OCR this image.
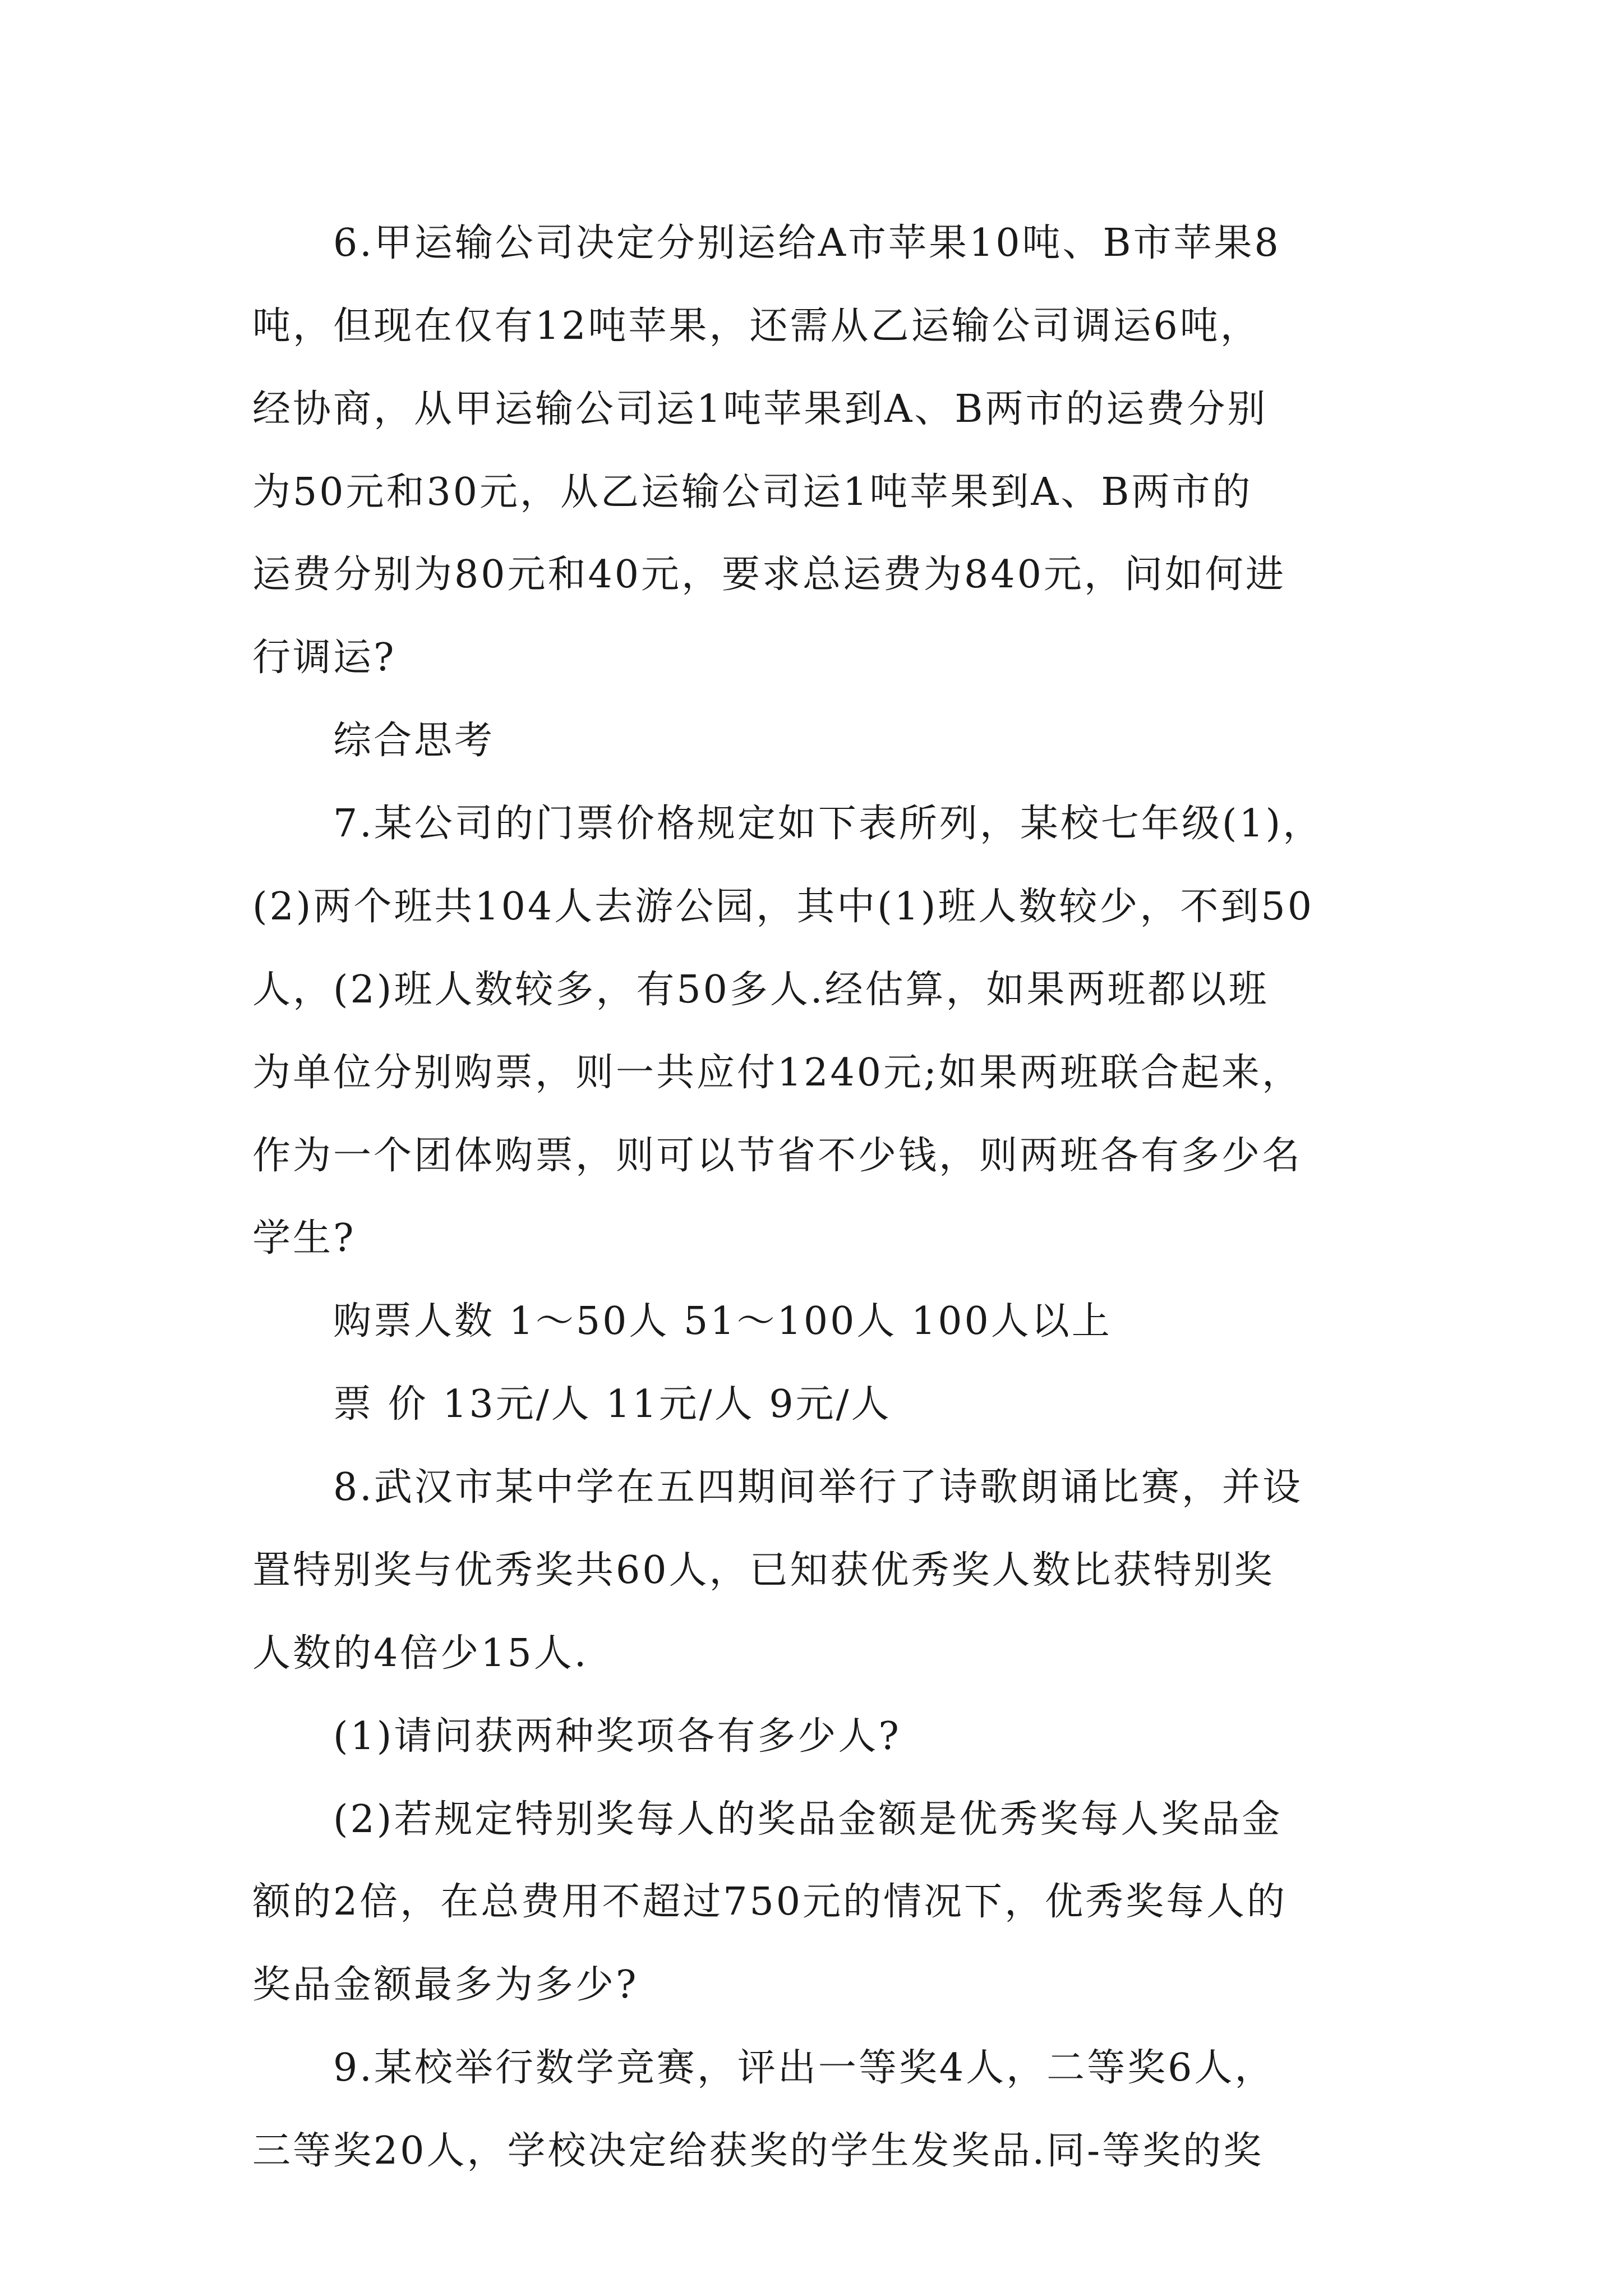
6.甲运输公司决定分别运给A市苹果10吨、B市苹果8
吨，但现在仅有12吨苹果，还需从乙运输公司调运6吨，
经协商，从甲运输公司运1吨苹果到A、B两市的运费分别
为50元和30元，从乙运输公司运1吨苹果到A、B两市的
运费分别为80元和40元，要求总运费为840元，问如何进
行调运?
综合思考
7.某公司的门票价格规定如下表所列，某校七年级(1)，
(2)两个班共104人去游公园，其中(1)班人数较少，不到50
人，(2)班人数较多，有50多人.经估算，如果两班都以班
为单位分别购票，则一共应付1240元;如果两班联合起来，
作为一个团体购票，则可以节省不少钱，则两班各有多少名
学生?
购票人数 1～50人 51～100人 100人以上
票 价 13元/人 11元/人 9元/人
8.武汉市某中学在五四期间举行了诗歌朗诵比赛，并设
置特别奖与优秀奖共60人，已知获优秀奖人数比获特别奖
人数的4倍少15人.
(1)请问获两种奖项各有多少人?
(2)若规定特别奖每人的奖品金额是优秀奖每人奖品金
额的2倍，在总费用不超过750元的情况下，优秀奖每人的
奖品金额最多为多少?
9.某校举行数学竞赛，评出一等奖4人，二等奖6人，
三等奖20人，学校决定给获奖的学生发奖品.同-等奖的奖
